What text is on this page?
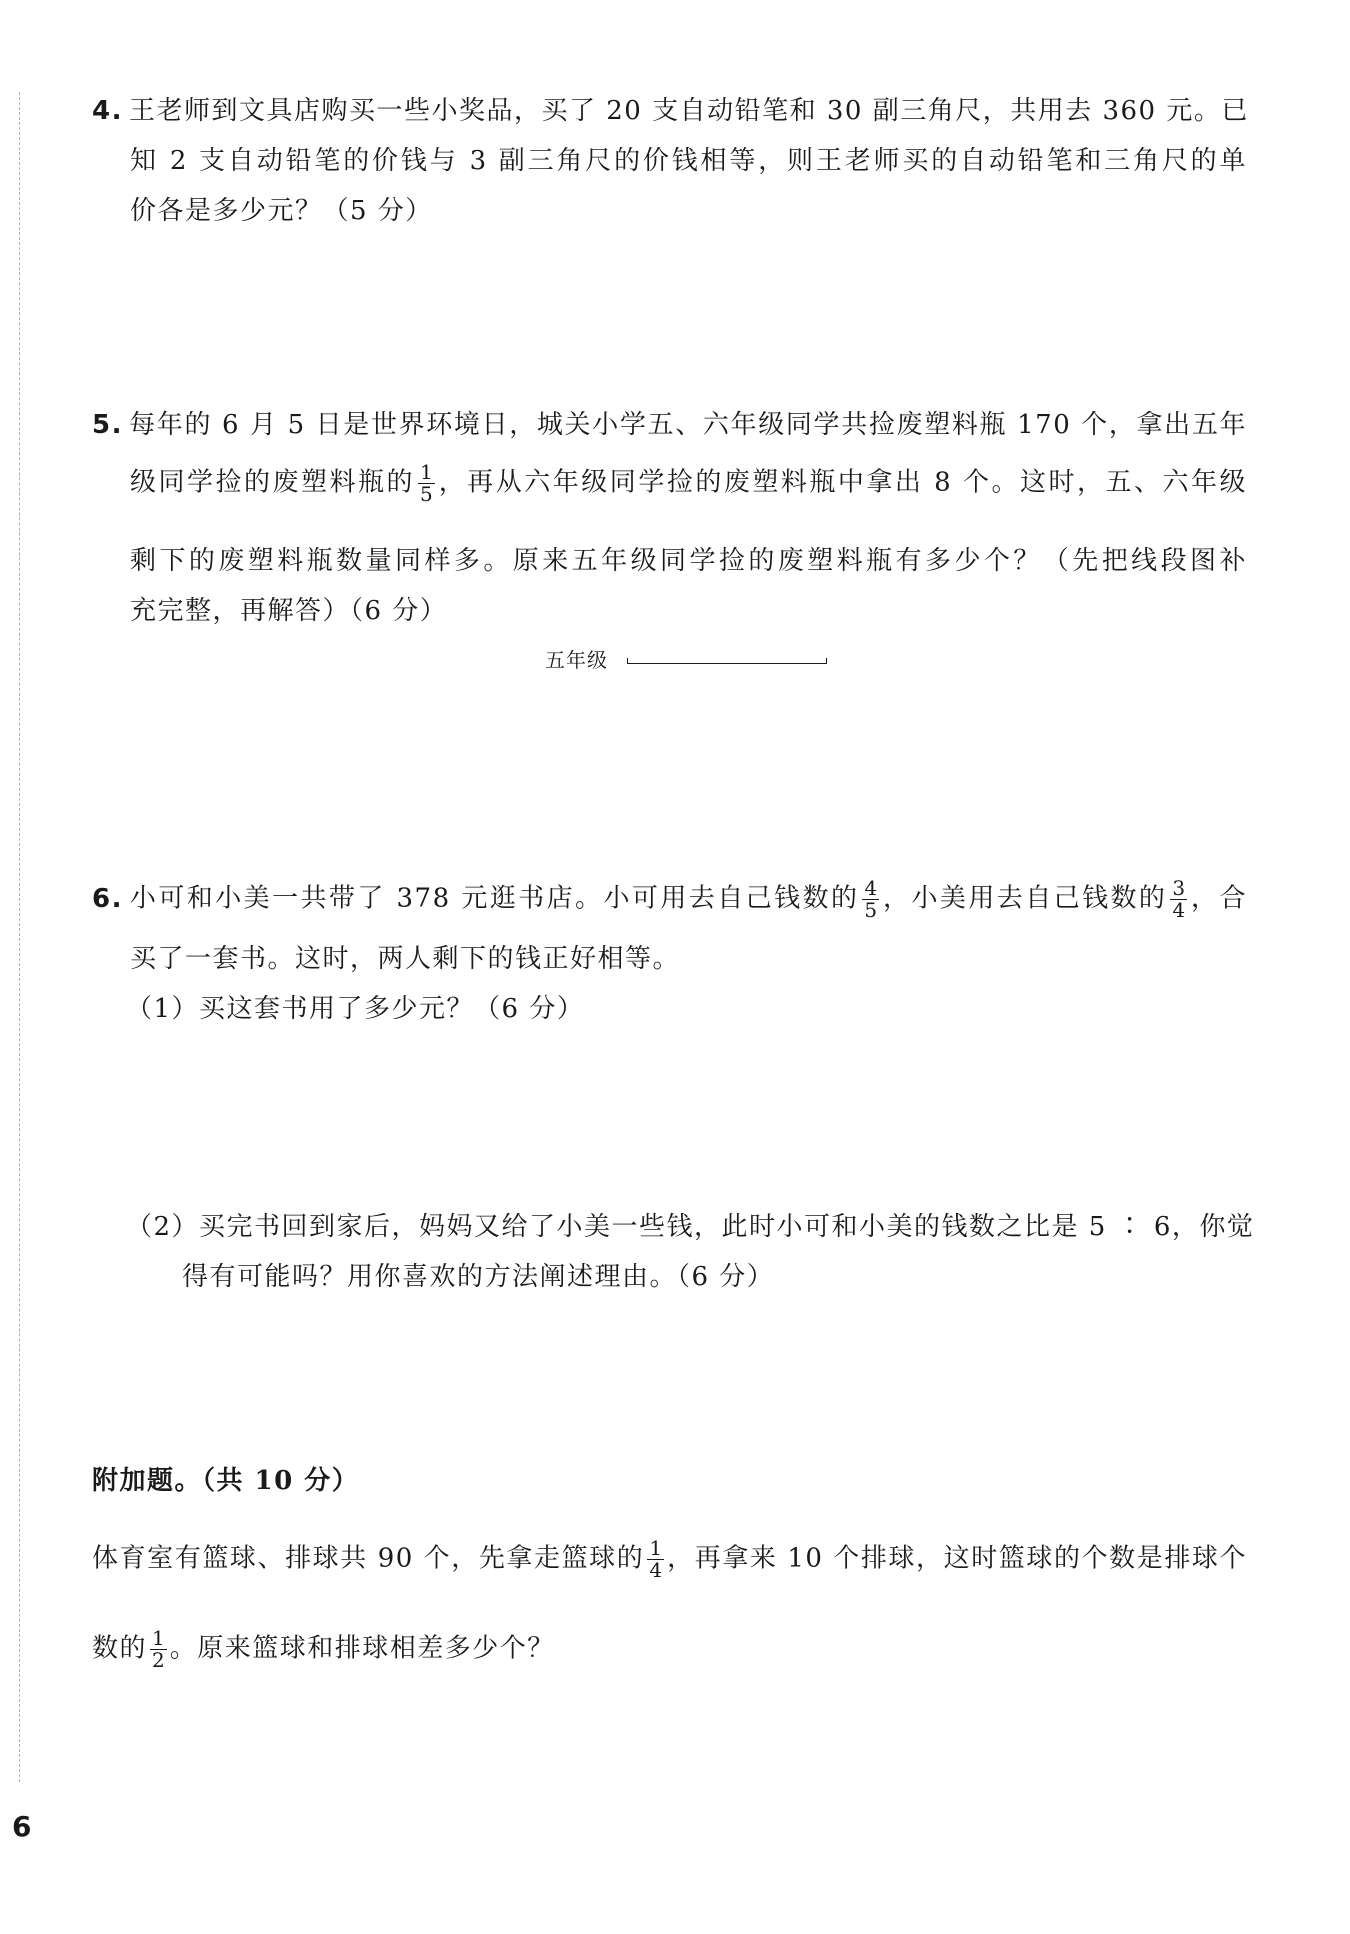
4. 王老师到文具店购买一些小奖品，买了 20 支自动铅笔和 30 副三角尺，共用去 360 元。已
知 2 支自动铅笔的价钱与 3 副三角尺的价钱相等，则王老师买的自动铅笔和三角尺的单
价各是多少元？（5 分）
5. 每年的 6 月 5 日是世界环境日，城关小学五、六年级同学共捡废塑料瓶 170 个，拿出五年
级同学捡的废塑料瓶的 $\frac{1}{5}$ ，再从六年级同学捡的废塑料瓶中拿出 8 个。这时，五、六年级
剩下的废塑料瓶数量同样多。原来五年级同学捡的废塑料瓶有多少个？（先把线段图补
充完整，再解答）（6 分）
五年级
6. 小可和小美一共带了 378 元逛书店。小可用去自己钱数的 $\frac{4}{5}$ ，小美用去自己钱数的 $\frac{3}{4}$ ，合
买了一套书。这时，两人剩下的钱正好相等。
（1）买这套书用了多少元？（6 分）
（2）买完书回到家后，妈妈又给了小美一些钱，此时小可和小美的钱数之比是 5 ∶ 6，你觉
得有可能吗？用你喜欢的方法阐述理由。（6 分）
附加题。（共 10 分）
体育室有篮球、排球共 90 个，先拿走篮球的 $\frac{1}{4}$ ，再拿来 10 个排球，这时篮球的个数是排球个
数的 $\frac{1}{2}$ 。原来篮球和排球相差多少个？
6
